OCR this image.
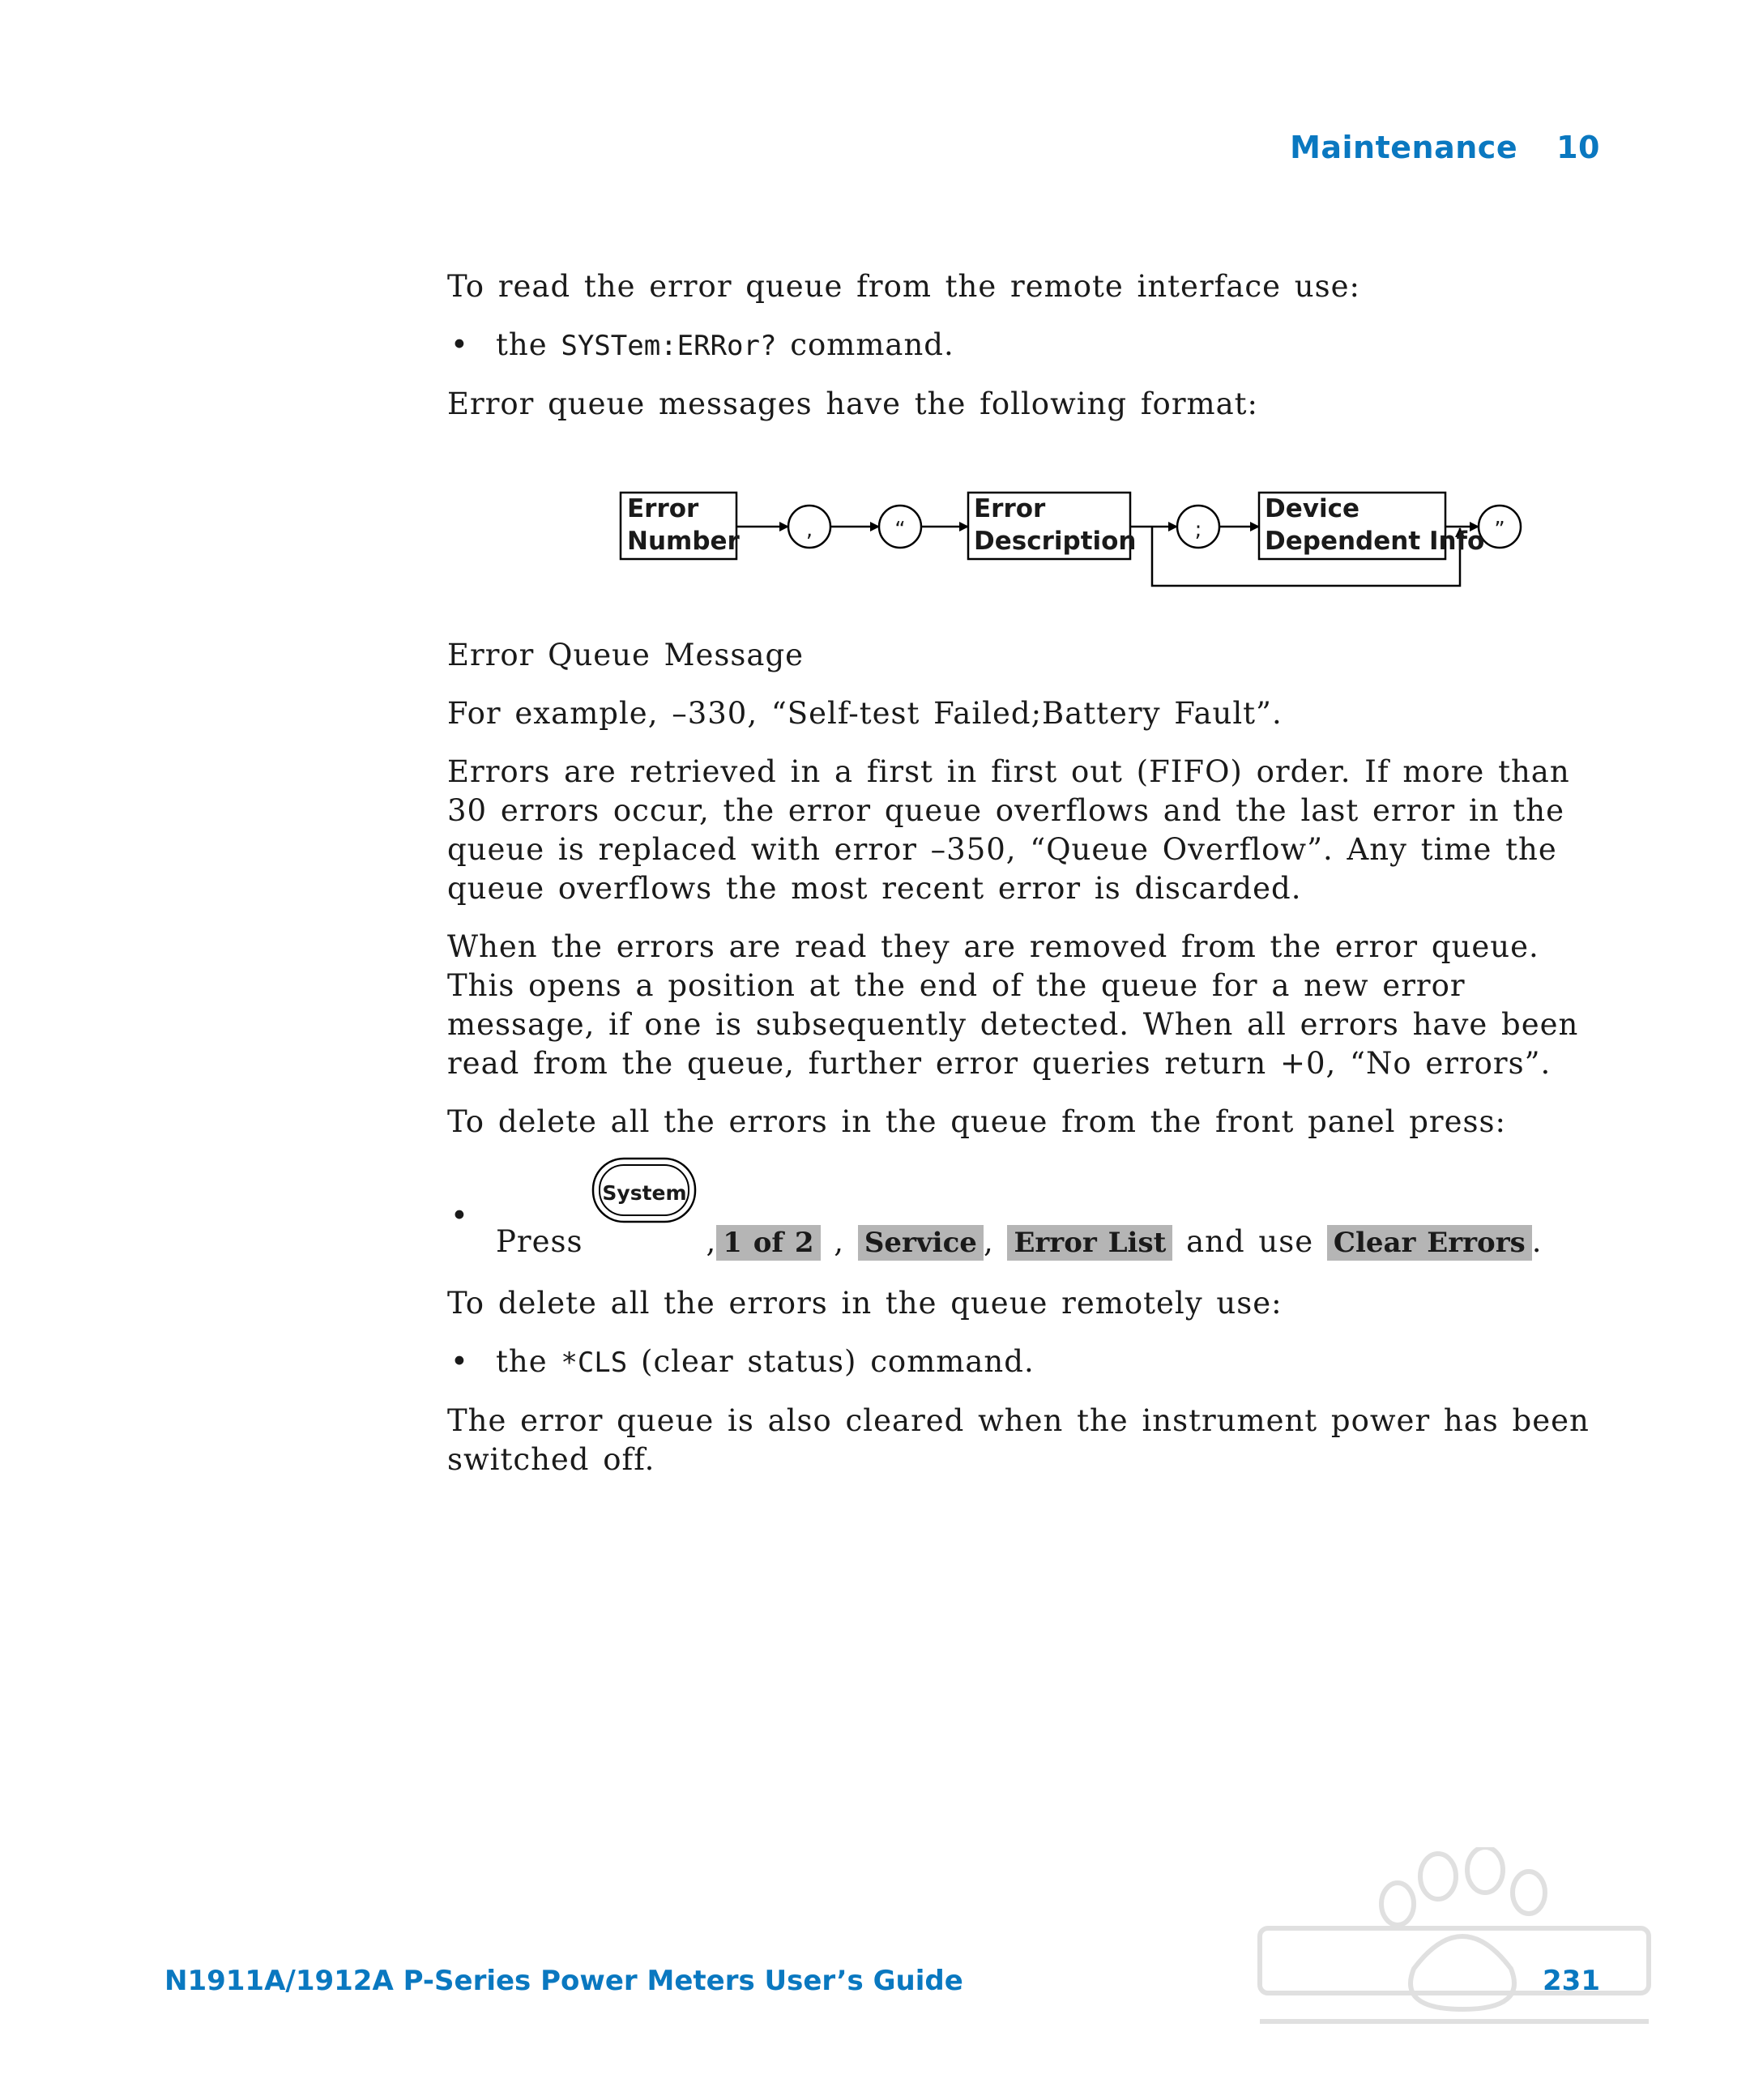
Maintenance 10

To read the error queue from the remote interface use:

• the SYSTem:ERRor? command.

Error queue messages have the following format:

Error
Number	,	“
Error
Description	;
Device
Dependent Info ”

Error Queue Message

For example, –330, “Self-test Failed;Battery Fault”.

Errors are retrieved in a first in first out (FIFO) order. If more than 30 errors occur, the error queue overflows and the last error in the queue is replaced with error –350, “Queue Overflow”. Any time the queue overflows the most recent error is discarded.

When the errors are read they are removed from the error queue. This opens a position at the end of the queue for a new error message, if one is subsequently detected. When all errors have been read from the queue, further error queries return +0, “No errors”.

To delete all the errors in the queue from the front panel press:

• Press
System
, 1 of 2 , Service , Error List and use Clear Errors .

To delete all the errors in the queue remotely use:

• the *CLS (clear status) command.

The error queue is also cleared when the instrument power has been switched off.

N1911A/1912A P-Series Power Meters User’s Guide	231
